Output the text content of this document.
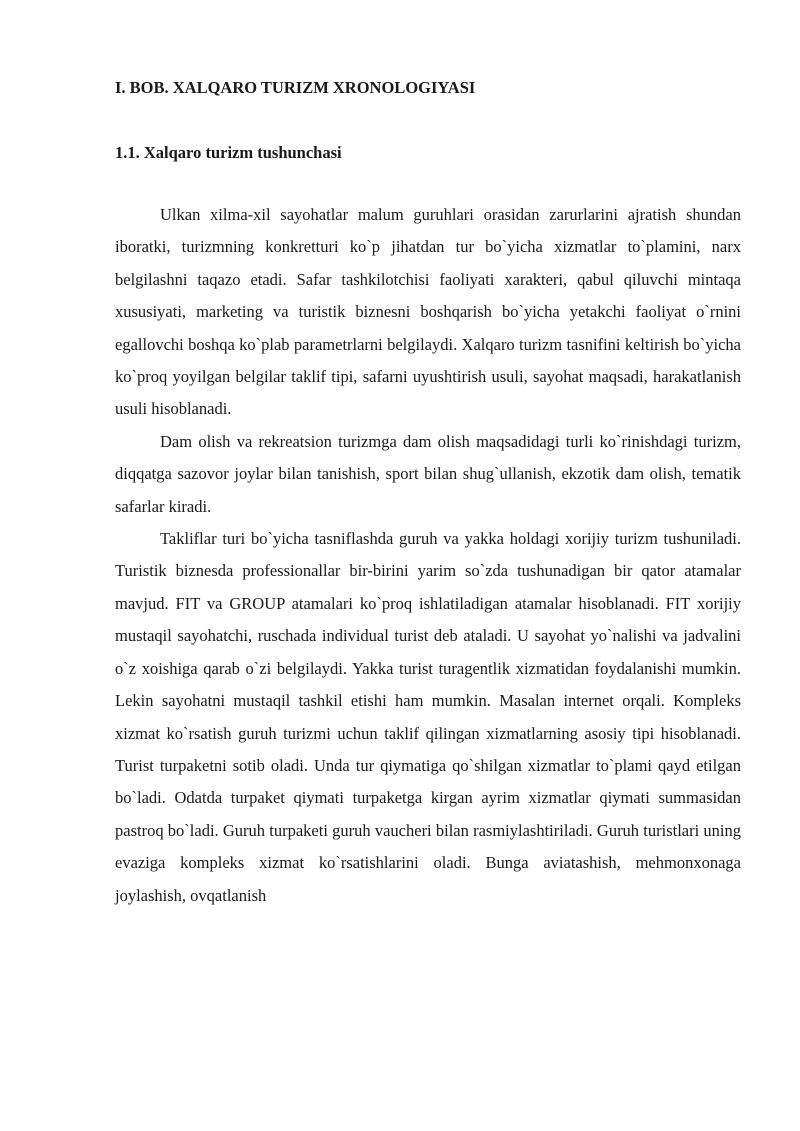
I. BOB. XALQARO TURIZM XRONOLOGIYASI
1.1. Xalqaro turizm tushunchasi

Ulkan xilma-xil sayohatlar malum guruhlari orasidan zarurlarini ajratish shundan iboratki, turizmning konkretturi ko`p jihatdan tur bo`yicha xizmatlar to`plamini, narx belgilashni taqazo etadi. Safar tashkilotchisi faoliyati xarakteri, qabul qiluvchi mintaqa xususiyati, marketing va turistik biznesni boshqarish bo`yicha yetakchi faoliyat o`rnini egallovchi boshqa ko`plab parametrlarni belgilaydi. Xalqaro turizm tasnifini keltirish bo`yicha ko`proq yoyilgan belgilar taklif tipi, safarni uyushtirish usuli, sayohat maqsadi, harakatlanish usuli hisoblanadi.

Dam olish va rekreatsion turizmga dam olish maqsadidagi turli ko`rinishdagi turizm, diqqatga sazovor joylar bilan tanishish, sport bilan shug`ullanish, ekzotik dam olish, tematik safarlar kiradi.

Takliflar turi bo`yicha tasniflashda guruh va yakka holdagi xorijiy turizm tushuniladi. Turistik biznesda professionallar bir-birini yarim so`zda tushunadigan bir qator atamalar mavjud. FIT va GROUP atamalari ko`proq ishlatiladigan atamalar hisoblanadi. FIT xorijiy mustaqil sayohatchi, ruschada individual turist deb ataladi. U sayohat yo`nalishi va jadvalini o`z xoishiga qarab o`zi belgilaydi. Yakka turist turagentlik xizmatidan foydalanishi mumkin. Lekin sayohatni mustaqil tashkil etishi ham mumkin. Masalan internet orqali. Kompleks xizmat ko`rsatish guruh turizmi uchun taklif qilingan xizmatlarning asosiy tipi hisoblanadi. Turist turpaketni sotib oladi. Unda tur qiymatiga qo`shilgan xizmatlar to`plami qayd etilgan bo`ladi. Odatda turpaket qiymati turpaketga kirgan ayrim xizmatlar qiymati summasidan pastroq bo`ladi. Guruh turpaketi guruh vaucheri bilan rasmiylashtiriladi. Guruh turistlari uning evaziga kompleks xizmat ko`rsatishlarini oladi. Bunga aviatashish, mehmonxonaga joylashish, ovqatlanish
